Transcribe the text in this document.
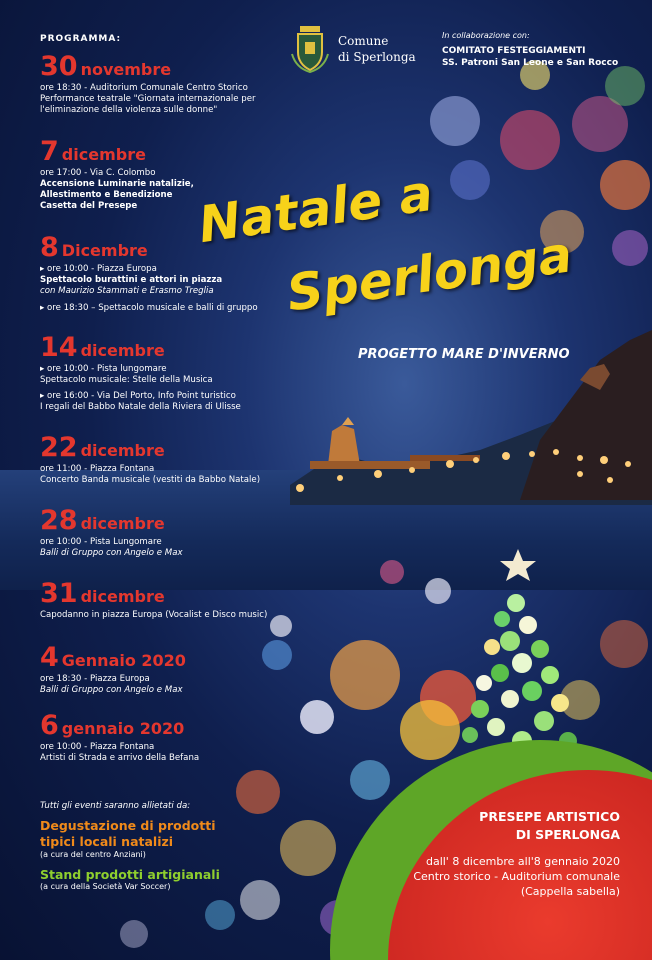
PROGRAMMA:	Comune
di Sperlonga
In collaborazione con:
COMITATO FESTEGGIAMENTI
SS. Patroni San Leone e San Rocco
Natale a
Sperlonga
PROGETTO MARE D'INVERNO
30 novembre
ore 18:30 - Auditorium Comunale Centro Storico
Performance teatrale "Giornata internazionale per
l'eliminazione della violenza sulle donne"
7 dicembre
ore 17:00 - Via C. Colombo
Accensione Luminarie natalizie,
Allestimento e Benedizione
Casetta del Presepe
8 Dicembre
▸ ore 10:00 - Piazza Europa
Spettacolo burattini e attori in piazza
con Maurizio Stammati e Erasmo Treglia
▸ ore 18:30 – Spettacolo musicale e balli di gruppo
14 dicembre
▸ ore 10:00 - Pista lungomare
Spettacolo musicale: Stelle della Musica
▸ ore 16:00 - Via Del Porto, Info Point turistico
I regali del Babbo Natale della Riviera di Ulisse
22 dicembre
ore 11:00 - Piazza Fontana
Concerto Banda musicale (vestiti da Babbo Natale)
28 dicembre
ore 10:00 - Pista Lungomare
Balli di Gruppo con Angelo e Max
31 dicembre
Capodanno in piazza Europa (Vocalist e Disco music)
4 Gennaio 2020
ore 18:30 - Piazza Europa
Balli di Gruppo con Angelo e Max
6 gennaio 2020
ore 10:00 - Piazza Fontana
Artisti di Strada e arrivo della Befana
Tutti gli eventi saranno allietati da:
Degustazione di prodotti
tipici locali natalizi
(a cura del centro Anziani)
Stand prodotti artigianali
(a cura della Società Var Soccer)
PRESEPE ARTISTICO
DI SPERLONGA
dall' 8 dicembre all'8 gennaio 2020
Centro storico - Auditorium comunale
(Cappella sabella)
